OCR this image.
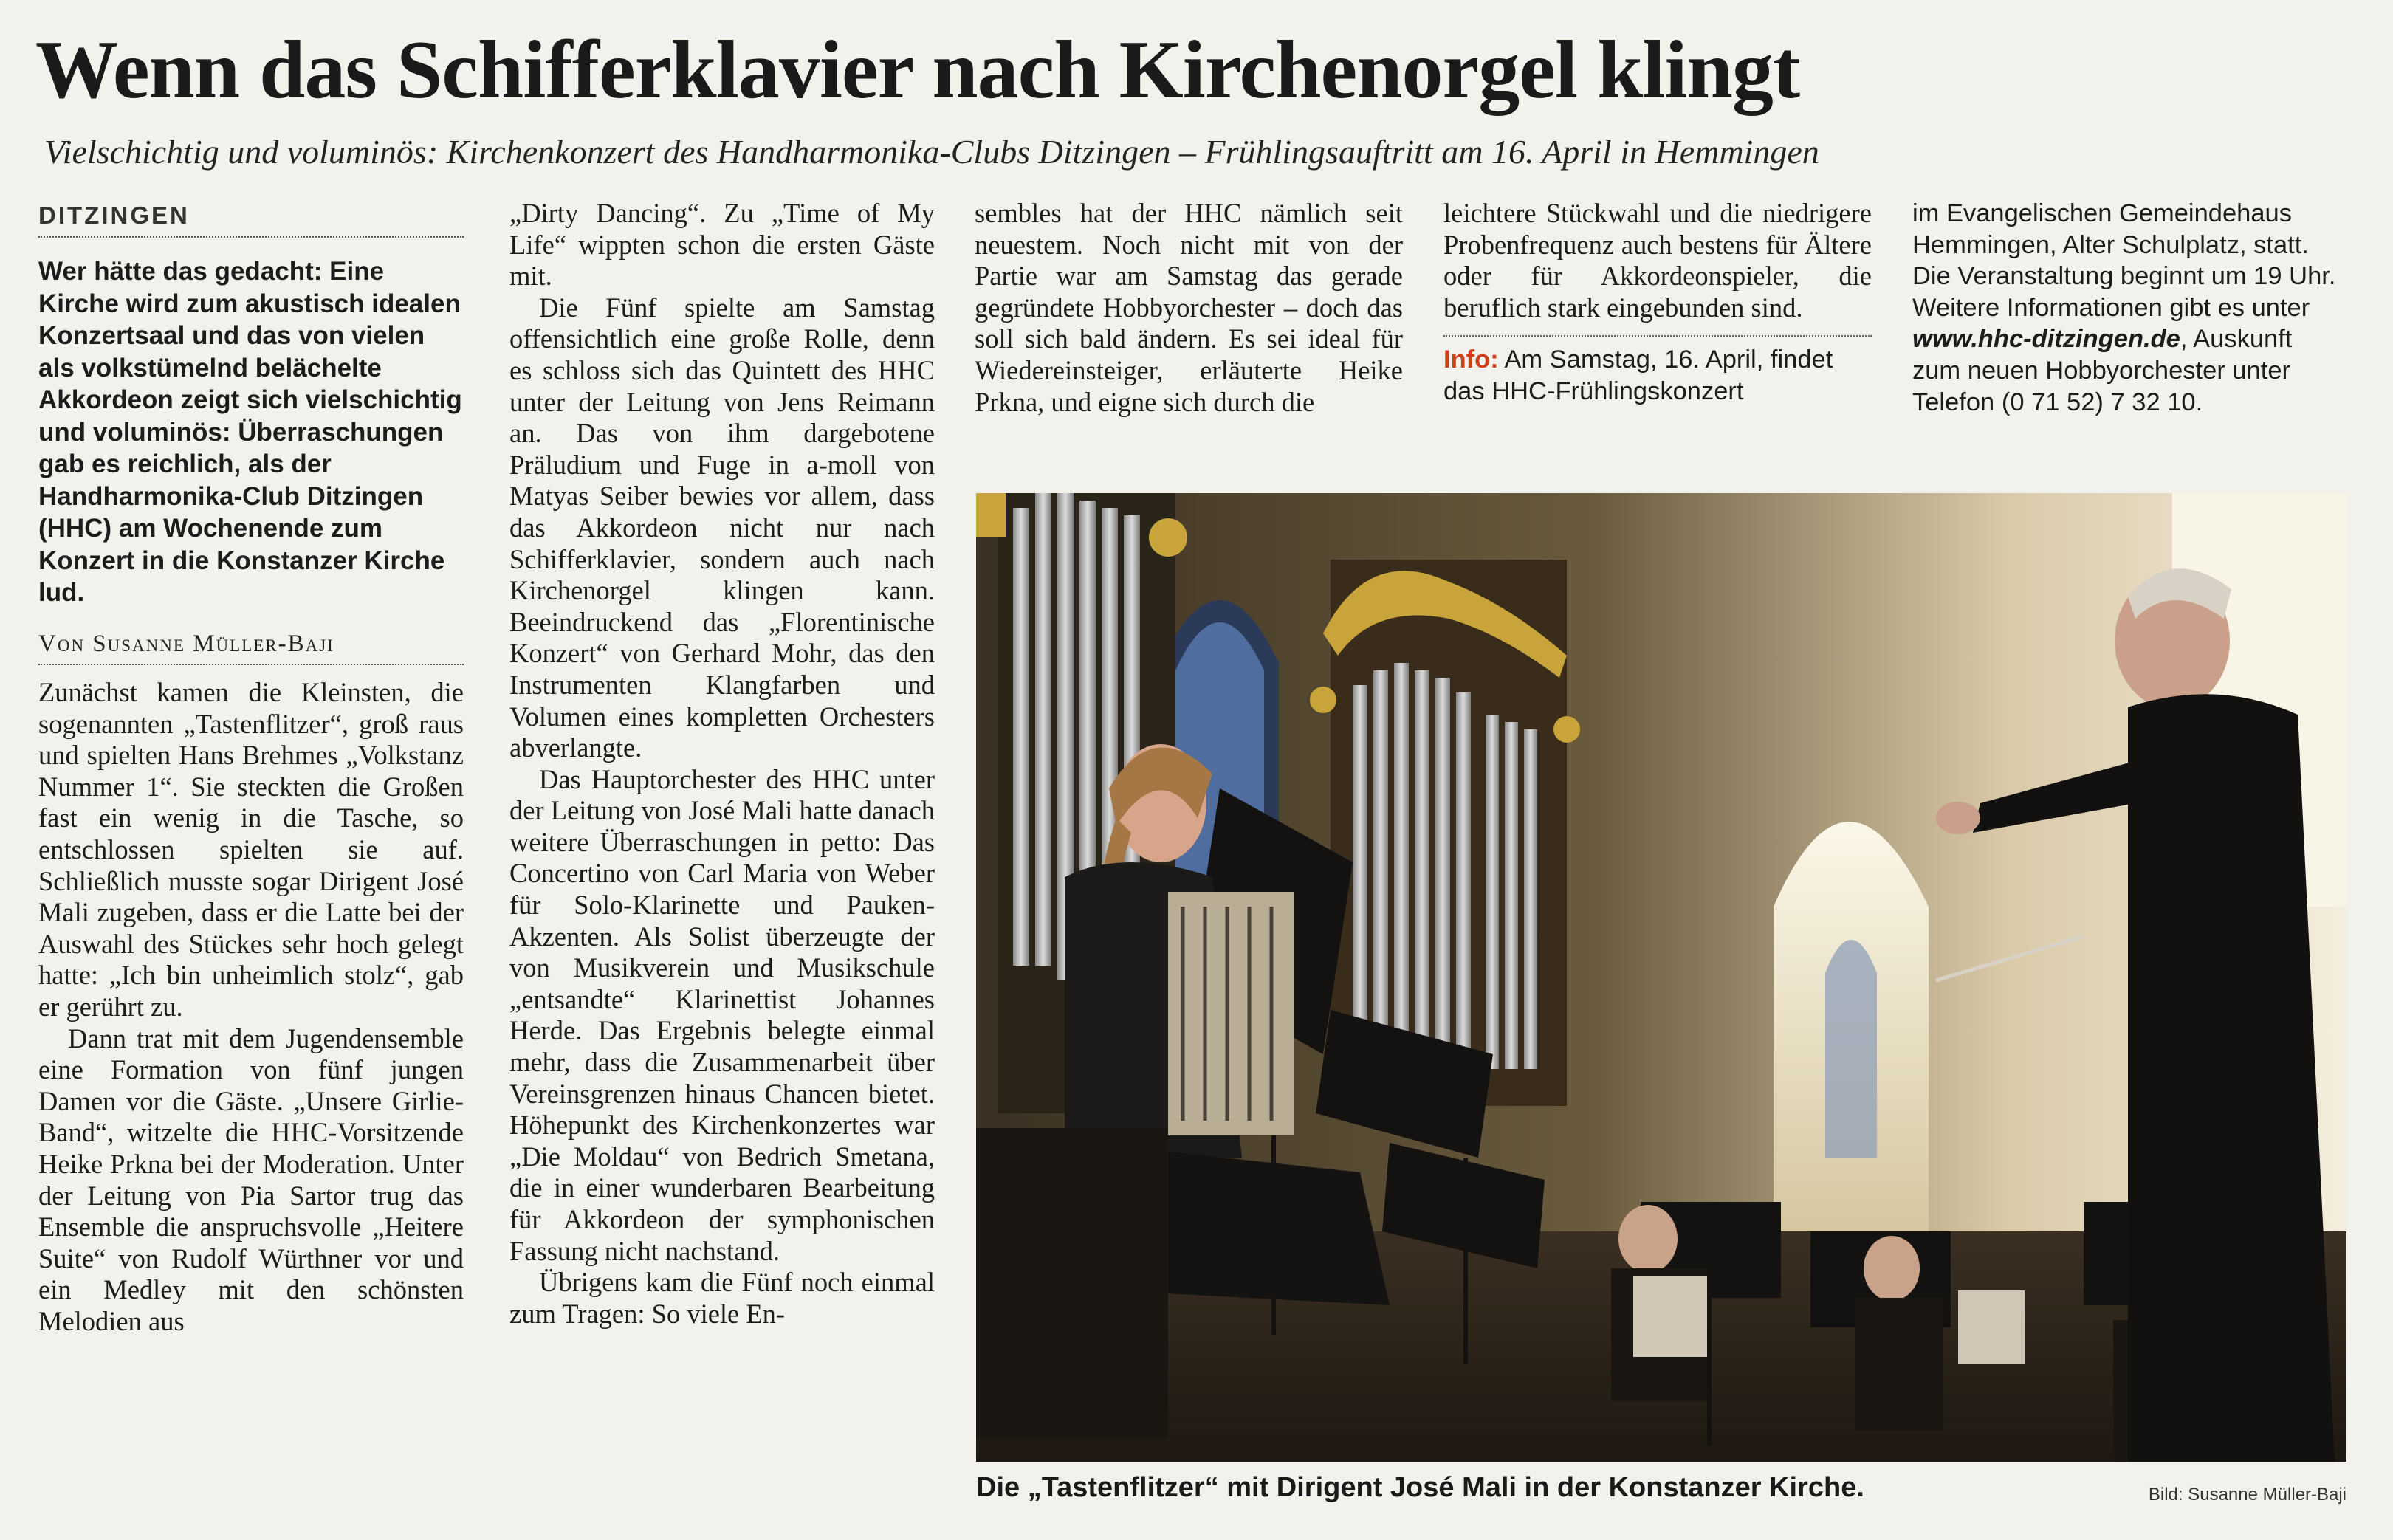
Wenn das Schifferklavier nach Kirchenorgel klingt
Vielschichtig und voluminös: Kirchenkonzert des Handharmonika-Clubs Ditzingen – Frühlingsauftritt am 16. April in Hemmingen
DITZINGEN
Wer hätte das gedacht: Eine Kirche wird zum akustisch idealen Konzertsaal und das von vielen als volkstümelnd belächelte Akkordeon zeigt sich vielschichtig und voluminös: Überraschungen gab es reichlich, als der Handharmonika-Club Ditzingen (HHC) am Wochenende zum Konzert in die Konstanzer Kirche lud.
Von Susanne Müller-Baji

Zunächst kamen die Kleinsten, die sogenannten „Tastenflitzer“, groß raus und spielten Hans Brehmes „Volkstanz Nummer 1“. Sie steckten die Großen fast ein wenig in die Tasche, so entschlossen spielten sie auf. Schließlich musste sogar Dirigent José Mali zugeben, dass er die Latte bei der Auswahl des Stückes sehr hoch gelegt hatte: „Ich bin unheimlich stolz“, gab er gerührt zu.

Dann trat mit dem Jugendensemble eine Formation von fünf jungen Damen vor die Gäste. „Unsere Girlie-Band“, witzelte die HHC-Vorsitzende Heike Prkna bei der Moderation. Unter der Leitung von Pia Sartor trug das Ensemble die anspruchsvolle „Heitere Suite“ von Rudolf Würthner vor und ein Medley mit den schönsten Melodien aus

„Dirty Dancing“. Zu „Time of My Life“ wippten schon die ersten Gäste mit.

Die Fünf spielte am Samstag offensichtlich eine große Rolle, denn es schloss sich das Quintett des HHC unter der Leitung von Jens Reimann an. Das von ihm dargebotene Präludium und Fuge in a-moll von Matyas Seiber bewies vor allem, dass das Akkordeon nicht nur nach Schifferklavier, sondern auch nach Kirchenorgel klingen kann. Beeindruckend das „Florentinische Konzert“ von Gerhard Mohr, das den Instrumenten Klangfarben und Volumen eines kompletten Orchesters abverlangte.

Das Hauptorchester des HHC unter der Leitung von José Mali hatte danach weitere Überraschungen in petto: Das Concertino von Carl Maria von Weber für Solo-Klarinette und Pauken-Akzenten. Als Solist überzeugte der von Musikverein und Musikschule „entsandte“ Klarinettist Johannes Herde. Das Ergebnis belegte einmal mehr, dass die Zusammenarbeit über Vereinsgrenzen hinaus Chancen bietet. Höhepunkt des Kirchenkonzertes war „Die Moldau“ von Bedrich Smetana, die in einer wunderbaren Bearbeitung für Akkordeon der symphonischen Fassung nicht nachstand.

Übrigens kam die Fünf noch einmal zum Tragen: So viele En-

sembles hat der HHC nämlich seit neuestem. Noch nicht mit von der Partie war am Samstag das gerade gegründete Hobbyorchester – doch das soll sich bald ändern. Es sei ideal für Wiedereinsteiger, erläuterte Heike Prkna, und eigne sich durch die

leichtere Stückwahl und die niedrigere Probenfrequenz auch bestens für Ältere oder für Akkordeonspieler, die beruflich stark eingebunden sind.

Info: Am Samstag, 16. April, findet das HHC-Frühlingskonzert
im Evangelischen Gemeindehaus Hemmingen, Alter Schulplatz, statt. Die Veranstaltung beginnt um 19 Uhr. Weitere Informationen gibt es unter www.hhc-ditzingen.de, Auskunft zum neuen Hobbyorchester unter Telefon (0 71 52) 7 32 10.
Die „Tastenflitzer“ mit Dirigent José Mali in der Konstanzer Kirche.	Bild: Susanne Müller-Baji
